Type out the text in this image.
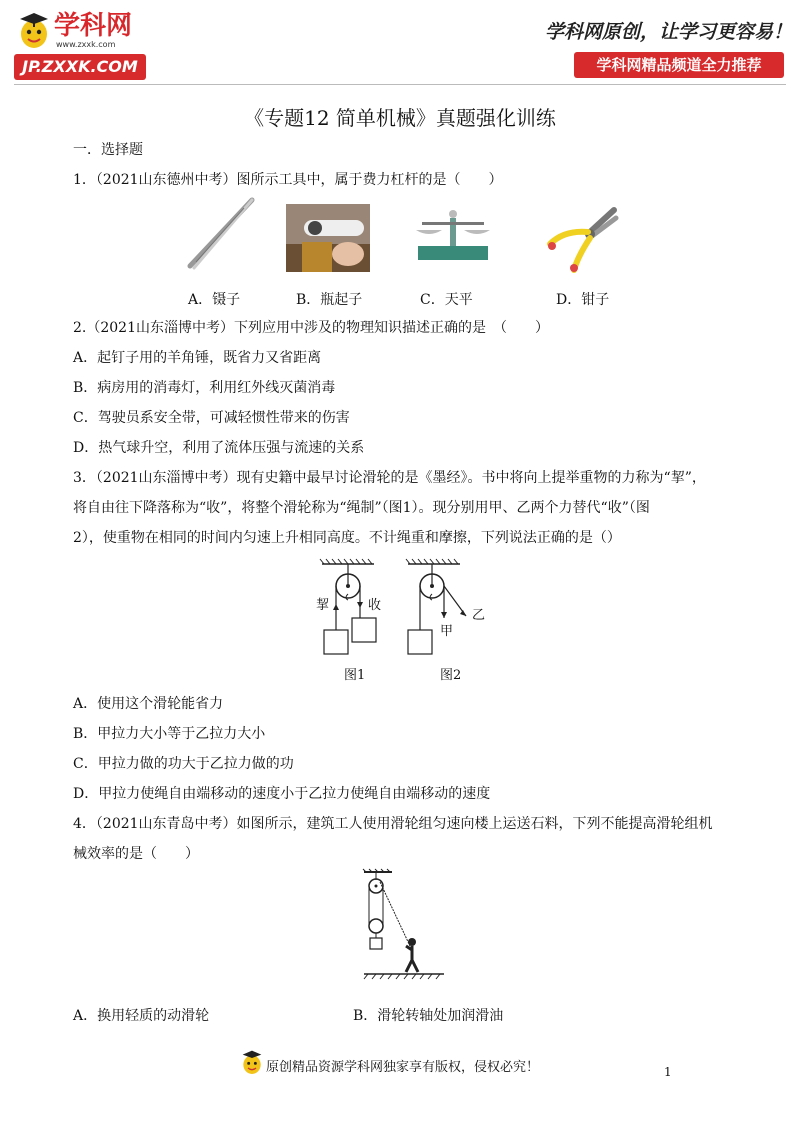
学科网
www.zxxk.com
JP.ZXXK.COM
学科网原创，让学习更容易！
学科网精品频道全力推荐
《专题12 简单机械》真题强化训练
一．选择题
1．（2021山东德州中考）图所示工具中，属于费力杠杆的是（　　）
A．镊子	B．瓶起子	C．天平	D．钳子
2.（2021山东淄博中考）下列应用中涉及的物理知识描述正确的是　（　　）
A．起钉子用的羊角锤，既省力又省距离
B．病房用的消毒灯，利用红外线灭菌消毒
C．驾驶员系安全带，可减轻惯性带来的伤害
D．热气球升空，利用了流体压强与流速的关系
3．（2021山东淄博中考）现有史籍中最早讨论滑轮的是《墨经》。书中将向上提举重物的力称为“挈”，
将自由往下降落称为“收”，将整个滑轮称为“绳制”（图1）。现分别用甲、乙两个力替代“收”（图
2），使重物在相同的时间内匀速上升相同高度。不计绳重和摩擦，下列说法正确的是（）
挈	收
甲
乙
图1	图2
A．使用这个滑轮能省力
B．甲拉力大小等于乙拉力大小
C．甲拉力做的功大于乙拉力做的功
D．甲拉力使绳自由端移动的速度小于乙拉力使绳自由端移动的速度
4．（2021山东青岛中考）如图所示，建筑工人使用滑轮组匀速向楼上运送石料，下列不能提高滑轮组机
械效率的是（　　）
A．换用轻质的动滑轮	B．滑轮转轴处加润滑油
原创精品资源学科网独家享有版权，侵权必究！	1
